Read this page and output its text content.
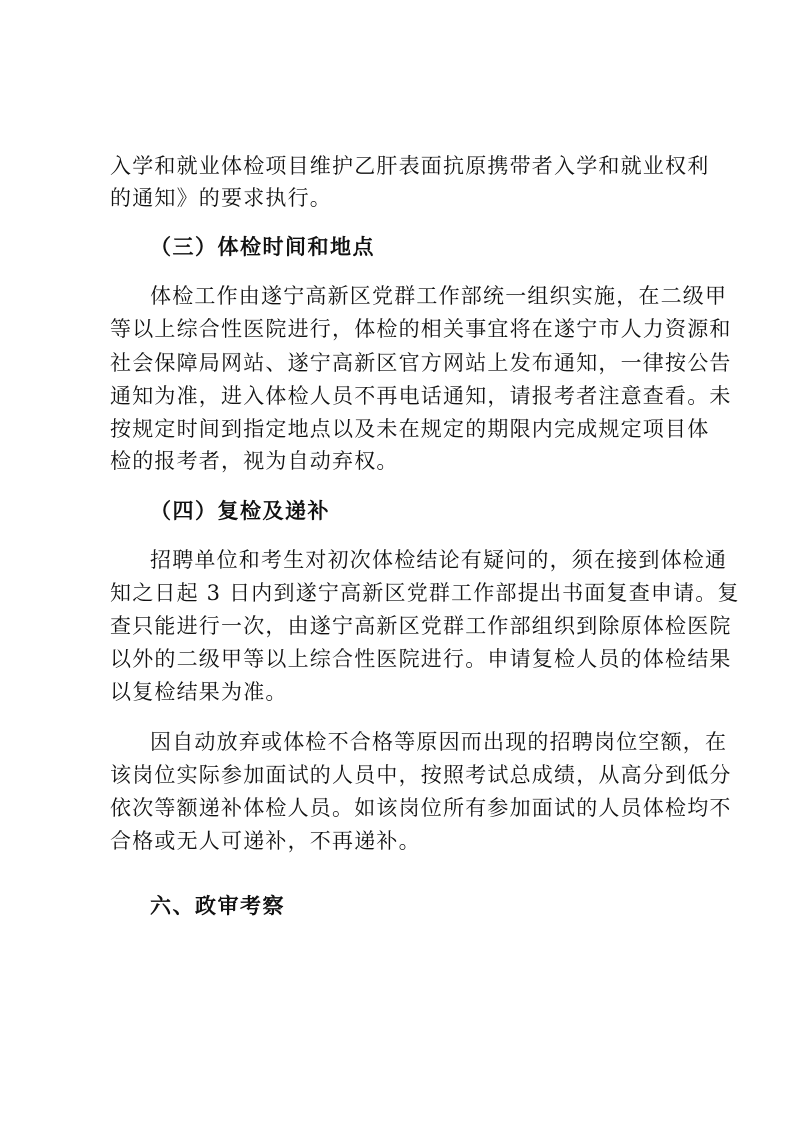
入学和就业体检项目维护乙肝表面抗原携带者入学和就业权利
的通知》的要求执行。
（三）体检时间和地点
体检工作由遂宁高新区党群工作部统一组织实施，在二级甲
等以上综合性医院进行，体检的相关事宜将在遂宁市人力资源和
社会保障局网站、遂宁高新区官方网站上发布通知，一律按公告
通知为准，进入体检人员不再电话通知，请报考者注意查看。未
按规定时间到指定地点以及未在规定的期限内完成规定项目体
检的报考者，视为自动弃权。
（四）复检及递补
招聘单位和考生对初次体检结论有疑问的，须在接到体检通
知之日起 3 日内到遂宁高新区党群工作部提出书面复查申请。复
查只能进行一次，由遂宁高新区党群工作部组织到除原体检医院
以外的二级甲等以上综合性医院进行。申请复检人员的体检结果
以复检结果为准。
因自动放弃或体检不合格等原因而出现的招聘岗位空额，在
该岗位实际参加面试的人员中，按照考试总成绩，从高分到低分
依次等额递补体检人员。如该岗位所有参加面试的人员体检均不
合格或无人可递补，不再递补。
六、政审考察
